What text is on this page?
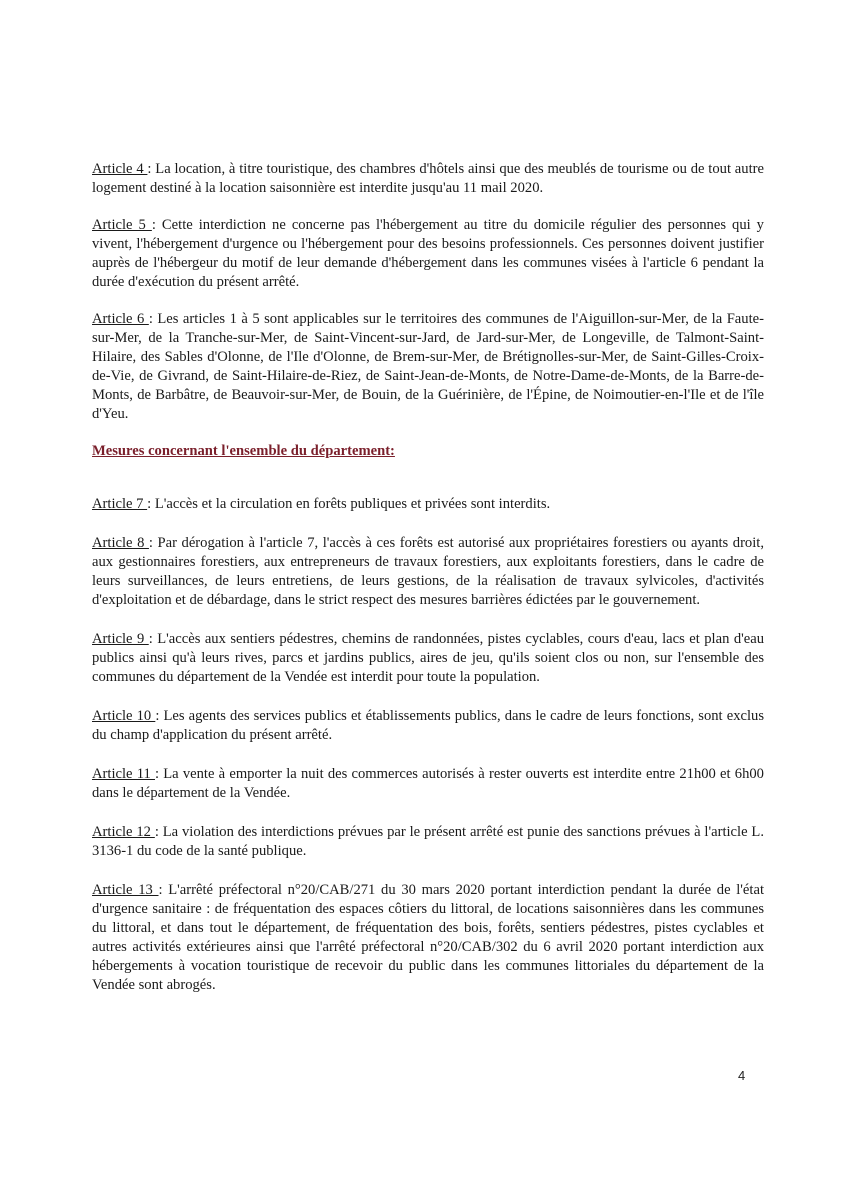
Article 4 : La location, à titre touristique, des chambres d'hôtels ainsi que des meublés de tourisme ou de tout autre logement destiné à la location saisonnière est interdite jusqu'au 11 mail 2020.

Article 5 : Cette interdiction ne concerne pas l'hébergement au titre du domicile régulier des personnes qui y vivent, l'hébergement d'urgence ou l'hébergement pour des besoins professionnels. Ces personnes doivent justifier auprès de l'hébergeur du motif de leur demande d'hébergement dans les communes visées à l'article 6 pendant la durée d'exécution du présent arrêté.

Article 6 : Les articles 1 à 5 sont applicables sur le territoires des communes de l'Aiguillon-sur-Mer, de la Faute-sur-Mer, de la Tranche-sur-Mer, de Saint-Vincent-sur-Jard, de Jard-sur-Mer, de Longeville, de Talmont-Saint-Hilaire, des Sables d'Olonne, de l'Ile d'Olonne, de Brem-sur-Mer, de Brétignolles-sur-Mer, de Saint-Gilles-Croix-de-Vie, de Givrand, de Saint-Hilaire-de-Riez, de Saint-Jean-de-Monts, de Notre-Dame-de-Monts, de la Barre-de-Monts, de Barbâtre, de Beauvoir-sur-Mer, de Bouin, de la Guérinière, de l'Épine, de Noimoutier-en-l'Ile et de l'île d'Yeu.

Mesures concernant l'ensemble du département:

Article 7 : L'accès et la circulation en forêts publiques et privées sont interdits.

Article 8 : Par dérogation à l'article 7, l'accès à ces forêts est autorisé aux propriétaires forestiers ou ayants droit, aux gestionnaires forestiers, aux entrepreneurs de travaux forestiers, aux exploitants forestiers, dans le cadre de leurs surveillances, de leurs entretiens, de leurs gestions, de la réalisation de travaux sylvicoles, d'activités d'exploitation et de débardage, dans le strict respect des mesures barrières édictées par le gouvernement.

Article 9 : L'accès aux sentiers pédestres, chemins de randonnées, pistes cyclables, cours d'eau, lacs et plan d'eau publics ainsi qu'à leurs rives, parcs et jardins publics, aires de jeu, qu'ils soient clos ou non, sur l'ensemble des communes du département de la Vendée est interdit pour toute la population.

Article 10 : Les agents des services publics et établissements publics, dans le cadre de leurs fonctions, sont exclus du champ d'application du présent arrêté.

Article 11 : La vente à emporter la nuit des commerces autorisés à rester ouverts est interdite entre 21h00 et 6h00 dans le département de la Vendée.

Article 12 : La violation des interdictions prévues par le présent arrêté est punie des sanctions prévues à l'article L. 3136-1 du code de la santé publique.

Article 13 : L'arrêté préfectoral n°20/CAB/271 du 30 mars 2020 portant interdiction pendant la durée de l'état d'urgence sanitaire : de fréquentation des espaces côtiers du littoral, de locations saisonnières dans les communes du littoral, et dans tout le département, de fréquentation des bois, forêts, sentiers pédestres, pistes cyclables et autres activités extérieures ainsi que l'arrêté préfectoral n°20/CAB/302 du 6 avril 2020 portant interdiction aux hébergements à vocation touristique de recevoir du public dans les communes littoriales du département de la Vendée sont abrogés.

4
